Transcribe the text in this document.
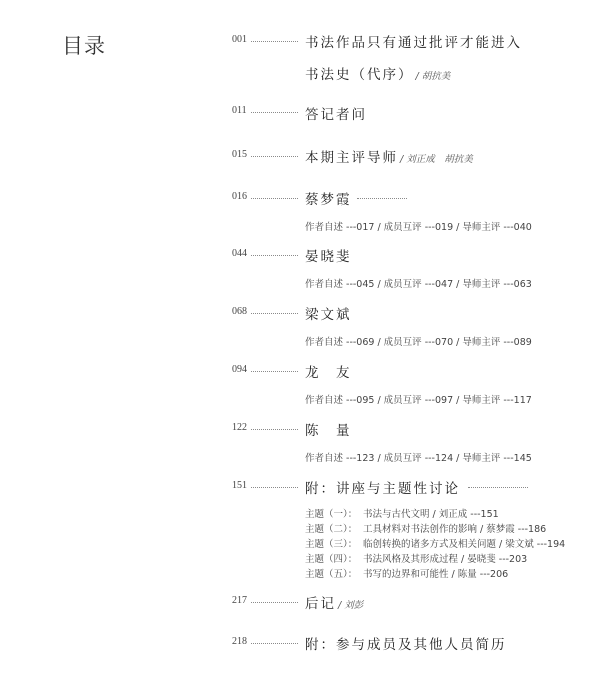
目录	001	书法作品只有通过批评才能进入
书法史（代序） / 胡抗美
011	答记者问
015	本期主评导师 / 刘正成　胡抗美
016	蔡梦霞
作者自述 ---017 / 成员互评 ---019 / 导师主评 ---040
044	晏晓斐
作者自述 ---045 / 成员互评 ---047 / 导师主评 ---063
068	梁文斌
作者自述 ---069 / 成员互评 ---070 / 导师主评 ---089
094	龙　友
作者自述 ---095 / 成员互评 ---097 / 导师主评 ---117
122	陈　量
作者自述 ---123 / 成员互评 ---124 / 导师主评 ---145
151	附：讲座与主题性讨论
主题（一）： 书法与古代文明 / 刘正成 ---151
主题（二）： 工具材料对书法创作的影响 / 蔡梦霞 ---186
主题（三）： 临创转换的诸多方式及相关问题 / 梁文斌 ---194
主题（四）： 书法风格及其形成过程 / 晏晓斐 ---203
主题（五）： 书写的边界和可能性 / 陈量 ---206
217	后记 / 刘彭
218	附：参与成员及其他人员简历
